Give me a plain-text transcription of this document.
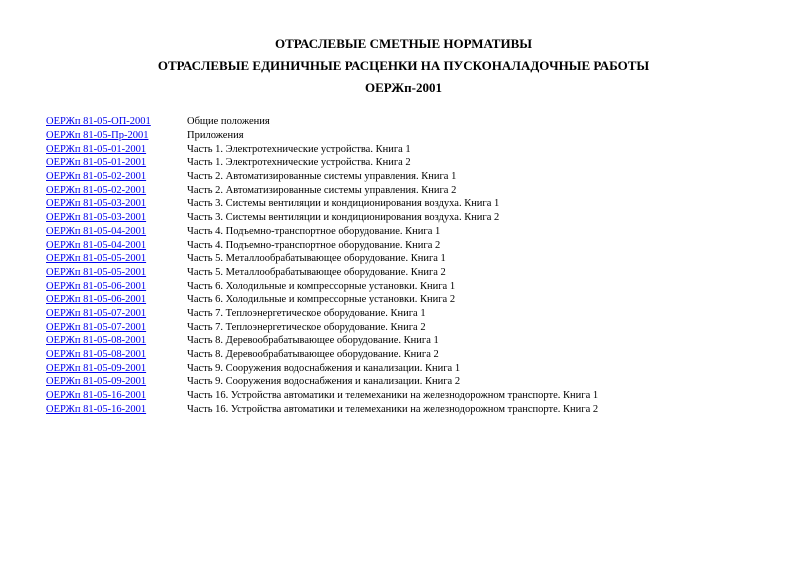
ОТРАСЛЕВЫЕ СМЕТНЫЕ НОРМАТИВЫ
ОТРАСЛЕВЫЕ ЕДИНИЧНЫЕ РАСЦЕНКИ НА ПУСКОНАЛАДОЧНЫЕ РАБОТЫ
ОЕРЖп-2001
ОЕРЖп 81-05-ОП-2001	Общие положения
ОЕРЖп 81-05-Пр-2001	Приложения
ОЕРЖп 81-05-01-2001	Часть 1. Электротехнические устройства. Книга 1
ОЕРЖп 81-05-01-2001	Часть 1. Электротехнические устройства. Книга 2
ОЕРЖп 81-05-02-2001	Часть 2. Автоматизированные системы управления. Книга 1
ОЕРЖп 81-05-02-2001	Часть 2. Автоматизированные системы управления. Книга 2
ОЕРЖп 81-05-03-2001	Часть 3. Системы вентиляции и кондиционирования воздуха. Книга 1
ОЕРЖп 81-05-03-2001	Часть 3. Системы вентиляции и кондиционирования воздуха. Книга 2
ОЕРЖп 81-05-04-2001	Часть 4. Подъемно-транспортное оборудование. Книга 1
ОЕРЖп 81-05-04-2001	Часть 4. Подъемно-транспортное оборудование. Книга 2
ОЕРЖп 81-05-05-2001	Часть 5. Металлообрабатывающее оборудование. Книга 1
ОЕРЖп 81-05-05-2001	Часть 5. Металлообрабатывающее оборудование. Книга 2
ОЕРЖп 81-05-06-2001	Часть 6. Холодильные и компрессорные установки. Книга 1
ОЕРЖп 81-05-06-2001	Часть 6. Холодильные и компрессорные установки. Книга 2
ОЕРЖп 81-05-07-2001	Часть 7. Теплоэнергетическое оборудование. Книга 1
ОЕРЖп 81-05-07-2001	Часть 7. Теплоэнергетическое оборудование. Книга 2
ОЕРЖп 81-05-08-2001	Часть 8. Деревообрабатывающее оборудование. Книга 1
ОЕРЖп 81-05-08-2001	Часть 8. Деревообрабатывающее оборудование. Книга 2
ОЕРЖп 81-05-09-2001	Часть 9. Сооружения водоснабжения и канализации. Книга 1
ОЕРЖп 81-05-09-2001	Часть 9. Сооружения водоснабжения и канализации. Книга 2
ОЕРЖп 81-05-16-2001	Часть 16. Устройства автоматики и телемеханики на железнодорожном транспорте. Книга 1
ОЕРЖп 81-05-16-2001	Часть 16. Устройства автоматики и телемеханики на железнодорожном транспорте. Книга 2
